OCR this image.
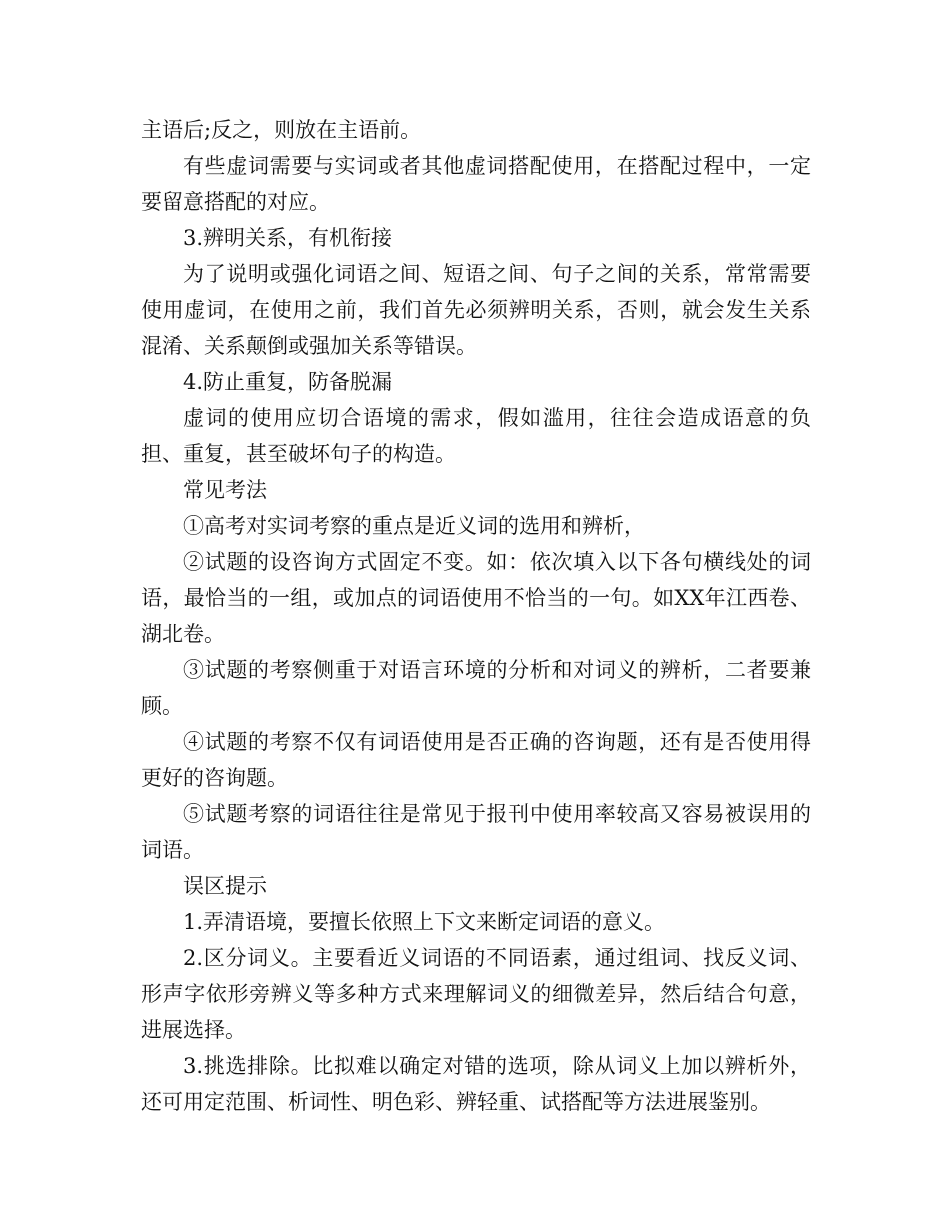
主语后;反之，则放在主语前。

有些虚词需要与实词或者其他虚词搭配使用，在搭配过程中，一定要留意搭配的对应。

3.辨明关系，有机衔接

为了说明或强化词语之间、短语之间、句子之间的关系，常常需要使用虚词，在使用之前，我们首先必须辨明关系，否则，就会发生关系混淆、关系颠倒或强加关系等错误。

4.防止重复，防备脱漏

虚词的使用应切合语境的需求，假如滥用，往往会造成语意的负担、重复，甚至破坏句子的构造。

常见考法

①高考对实词考察的重点是近义词的选用和辨析，

②试题的设咨询方式固定不变。如：依次填入以下各句横线处的词语，最恰当的一组，或加点的词语使用不恰当的一句。如XX年江西卷、湖北卷。

③试题的考察侧重于对语言环境的分析和对词义的辨析，二者要兼顾。

④试题的考察不仅有词语使用是否正确的咨询题，还有是否使用得更好的咨询题。

⑤试题考察的词语往往是常见于报刊中使用率较高又容易被误用的词语。

误区提示

1.弄清语境，要擅长依照上下文来断定词语的意义。

2.区分词义。主要看近义词语的不同语素，通过组词、找反义词、形声字依形旁辨义等多种方式来理解词义的细微差异，然后结合句意，进展选择。

3.挑选排除。比拟难以确定对错的选项，除从词义上加以辨析外，还可用定范围、析词性、明色彩、辨轻重、试搭配等方法进展鉴别。
